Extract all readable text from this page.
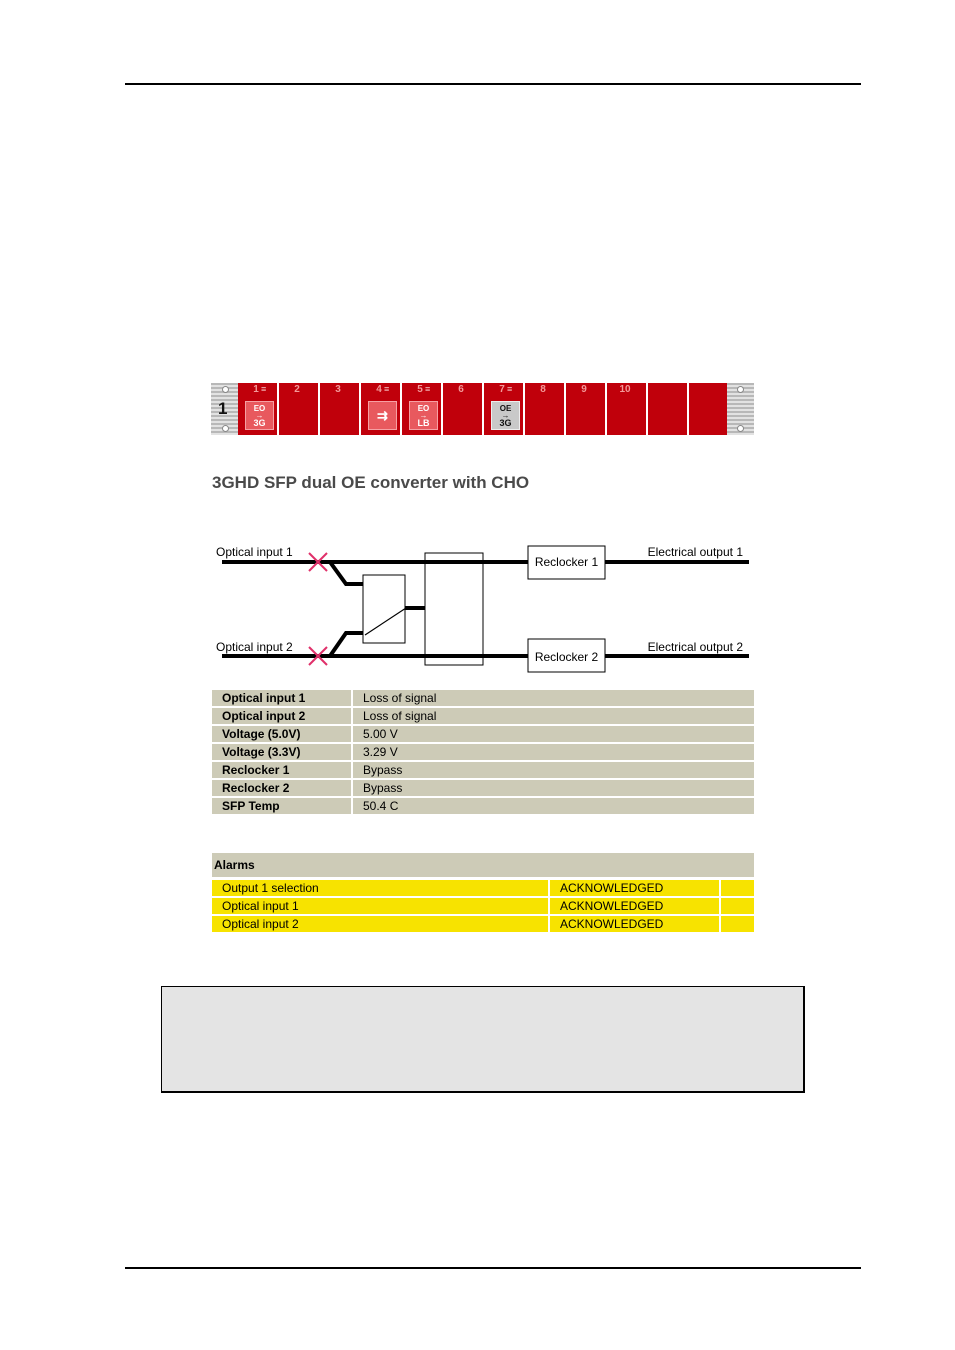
1
1 ≡
EO
→
3G
2	3	4 ≡
⇉
5 ≡
EO
→
LB
6	7 ≡
OE
→
3G
8	9	10
3GHD SFP dual OE converter with CHO
Reclocker 1
Reclocker 2
Optical input 1
Optical input 2
Electrical output 1
Electrical output 2
Optical input 1	Loss of signal
Optical input 2	Loss of signal
Voltage (5.0V)	5.00 V
Voltage (3.3V)	3.29 V
Reclocker 1	Bypass
Reclocker 2	Bypass
SFP Temp	50.4 C
Alarms
Output 1 selection	ACKNOWLEDGED	
Optical input 1	ACKNOWLEDGED	
Optical input 2	ACKNOWLEDGED	
